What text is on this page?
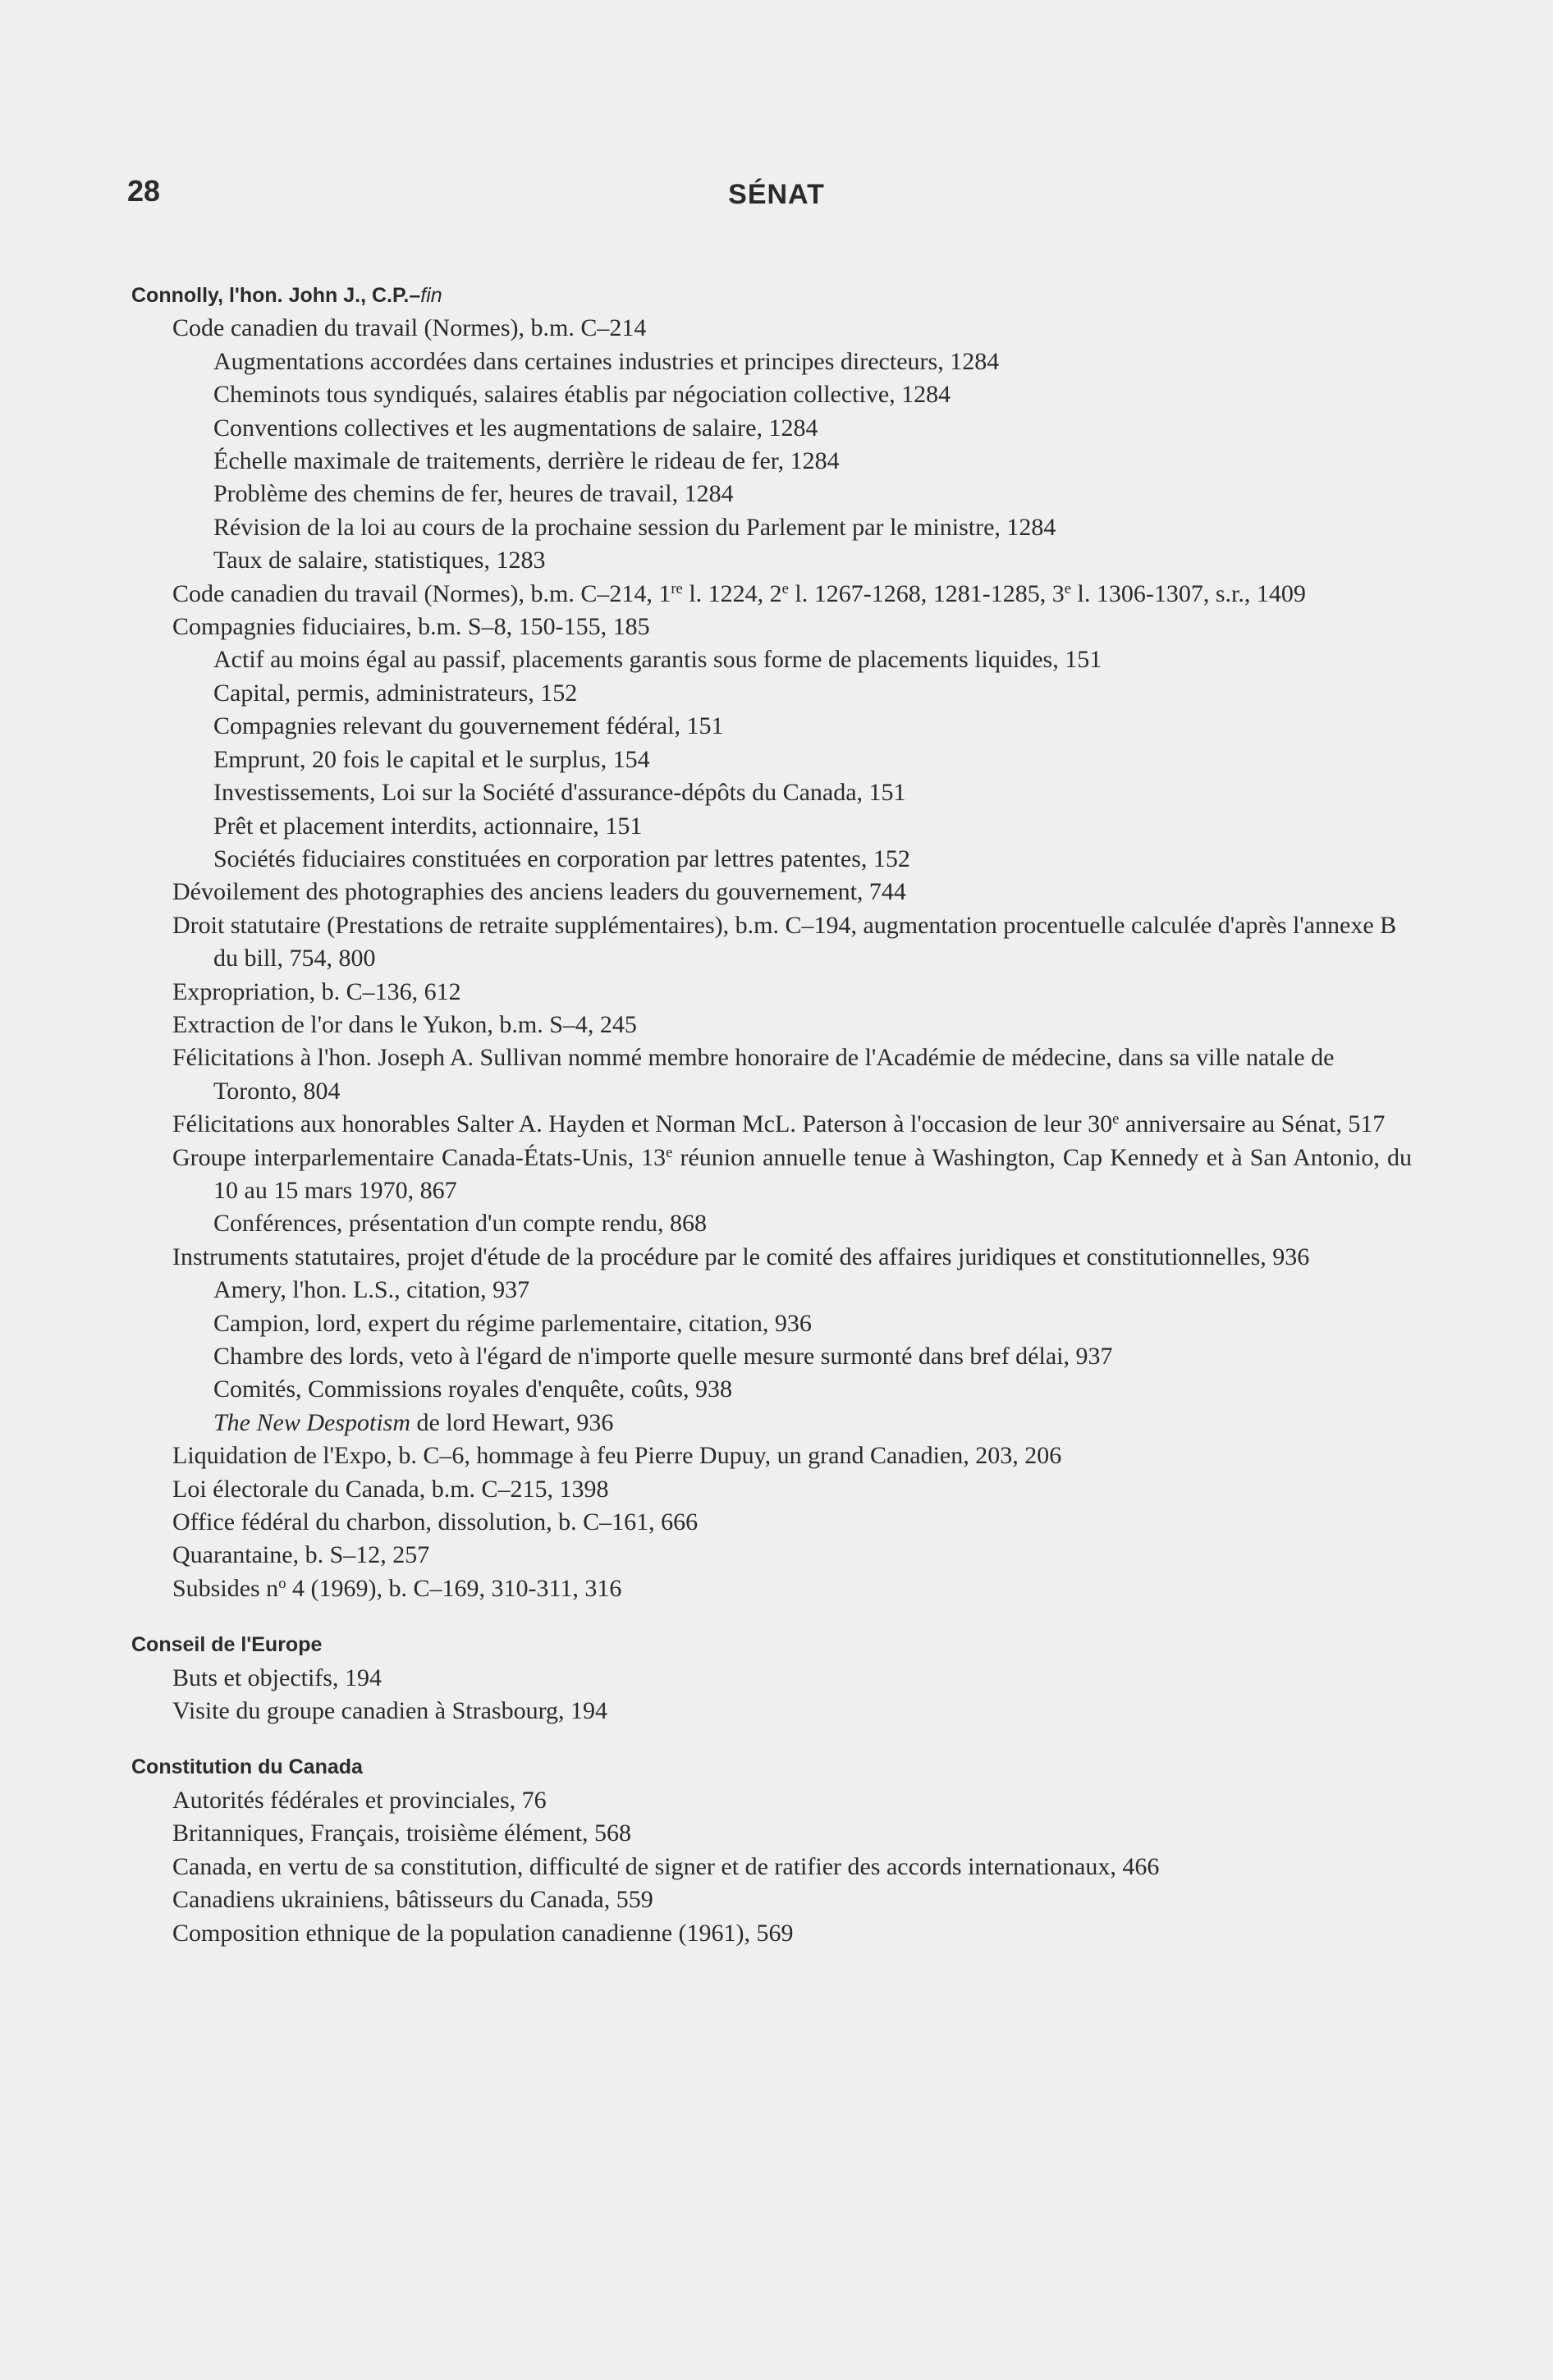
28	SÉNAT
Connolly, l'hon. John J., C.P.–fin
Code canadien du travail (Normes), b.m. C–214
Augmentations accordées dans certaines industries et principes directeurs, 1284
Cheminots tous syndiqués, salaires établis par négociation collective, 1284
Conventions collectives et les augmentations de salaire, 1284
Échelle maximale de traitements, derrière le rideau de fer, 1284
Problème des chemins de fer, heures de travail, 1284
Révision de la loi au cours de la prochaine session du Parlement par le ministre, 1284
Taux de salaire, statistiques, 1283
Code canadien du travail (Normes), b.m. C–214, 1re l. 1224, 2e l. 1267-1268, 1281-1285, 3e l. 1306-1307, s.r., 1409
Compagnies fiduciaires, b.m. S–8, 150-155, 185
Actif au moins égal au passif, placements garantis sous forme de placements liquides, 151
Capital, permis, administrateurs, 152
Compagnies relevant du gouvernement fédéral, 151
Emprunt, 20 fois le capital et le surplus, 154
Investissements, Loi sur la Société d'assurance-dépôts du Canada, 151
Prêt et placement interdits, actionnaire, 151
Sociétés fiduciaires constituées en corporation par lettres patentes, 152
Dévoilement des photographies des anciens leaders du gouvernement, 744
Droit statutaire (Prestations de retraite supplémentaires), b.m. C–194, augmentation procentuelle calculée d'après l'annexe B du bill, 754, 800
Expropriation, b. C–136, 612
Extraction de l'or dans le Yukon, b.m. S–4, 245
Félicitations à l'hon. Joseph A. Sullivan nommé membre honoraire de l'Académie de médecine, dans sa ville natale de Toronto, 804
Félicitations aux honorables Salter A. Hayden et Norman McL. Paterson à l'occasion de leur 30e anniversaire au Sénat, 517
Groupe interparlementaire Canada-États-Unis, 13e réunion annuelle tenue à Washington, Cap Kennedy et à San Antonio, du 10 au 15 mars 1970, 867
Conférences, présentation d'un compte rendu, 868
Instruments statutaires, projet d'étude de la procédure par le comité des affaires juridiques et constitutionnelles, 936
Amery, l'hon. L.S., citation, 937
Campion, lord, expert du régime parlementaire, citation, 936
Chambre des lords, veto à l'égard de n'importe quelle mesure surmonté dans bref délai, 937
Comités, Commissions royales d'enquête, coûts, 938
The New Despotism de lord Hewart, 936
Liquidation de l'Expo, b. C–6, hommage à feu Pierre Dupuy, un grand Canadien, 203, 206
Loi électorale du Canada, b.m. C–215, 1398
Office fédéral du charbon, dissolution, b. C–161, 666
Quarantaine, b. S–12, 257
Subsides $n^o$ 4 (1969), b. C–169, 310-311, 316
Conseil de l'Europe
Buts et objectifs, 194
Visite du groupe canadien à Strasbourg, 194
Constitution du Canada
Autorités fédérales et provinciales, 76
Britanniques, Français, troisième élément, 568
Canada, en vertu de sa constitution, difficulté de signer et de ratifier des accords internationaux, 466
Canadiens ukrainiens, bâtisseurs du Canada, 559
Composition ethnique de la population canadienne (1961), 569
